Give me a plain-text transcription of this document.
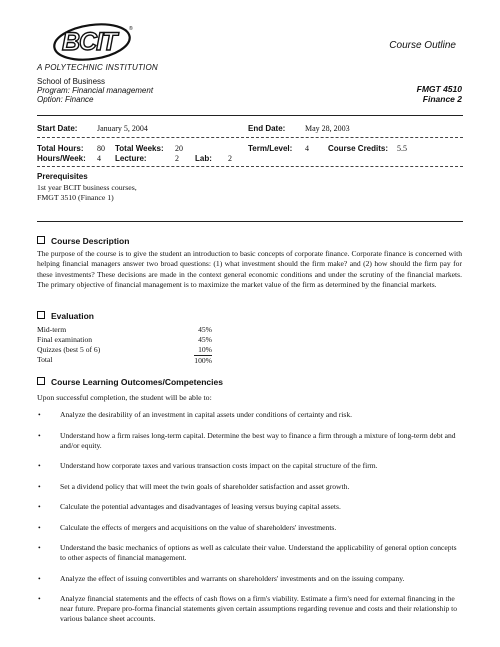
BCIT	®
A POLYTECHNIC INSTITUTION
Course Outline
School of Business
Program: Financial management
Option: Finance
FMGT 4510
Finance 2
Start Date: January 5, 2004	End Date: May 28, 2003
Total Hours: 80 Total Weeks: 20	Term/Level: 4 Course Credits: 5.5
Hours/Week: 4 Lecture:	2 Lab: 2
Prerequisites
1st year BCIT business courses,
FMGT 3510 (Finance 1)
Course Description
The purpose of the course is to give the student an introduction to basic concepts of corporate finance. Corporate finance is concerned with helping financial managers answer two broad questions: (1) what investment should the firm make? and (2) how should the firm pay for these investments? These decisions are made in the context general economic conditions and under the scrutiny of the financial markets. The primary objective of financial management is to maximize the market value of the firm as determined by the financial markets.
Evaluation
Mid-term	45%
Final examination	45%
Quizzes (best 5 of 6)	10%
Total	100%
Course Learning Outcomes/Competencies
Upon successful completion, the student will be able to:
•	Analyze the desirability of an investment in capital assets under conditions of certainty and risk.
•	Understand how a firm raises long-term capital. Determine the best way to finance a firm through a mixture of long-term debt and and/or equity.
•	Understand how corporate taxes and various transaction costs impact on the capital structure of the firm.
•	Set a dividend policy that will meet the twin goals of shareholder satisfaction and asset growth.
•	Calculate the potential advantages and disadvantages of leasing versus buying capital assets.
•	Calculate the effects of mergers and acquisitions on the value of shareholders' investments.
•	Understand the basic mechanics of options as well as calculate their value. Understand the applicability of general option concepts to other aspects of financial management.
•	Analyze the effect of issuing convertibles and warrants on shareholders' investments and on the issuing company.
•	Analyze financial statements and the effects of cash flows on a firm's viability. Estimate a firm's need for external financing in the near future. Prepare pro-forma financial statements given certain assumptions regarding revenue and costs and their relationship to various balance sheet accounts.
